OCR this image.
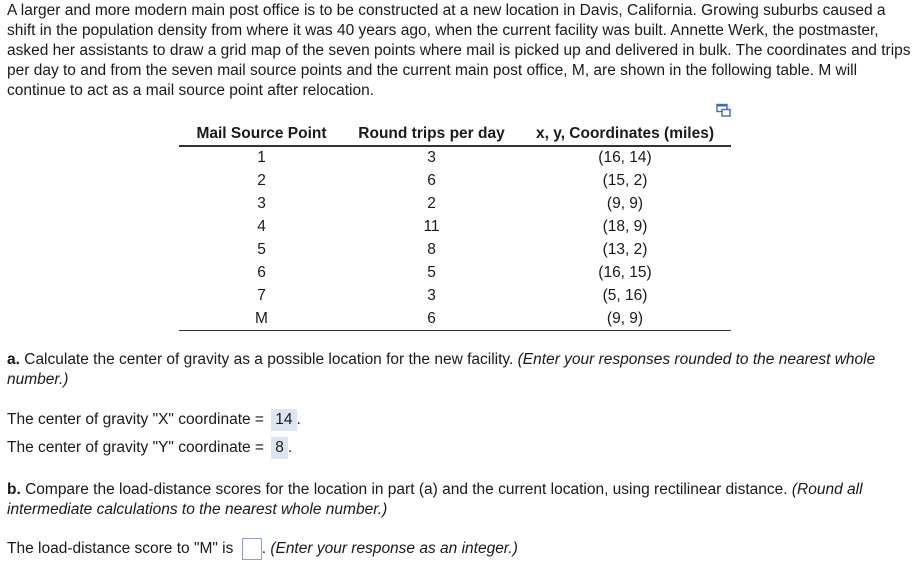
A larger and more modern main post office is to be constructed at a new location in Davis, California. Growing suburbs caused a shift in the population density from where it was 40 years ago, when the current facility was built. Annette Werk, the postmaster, asked her assistants to draw a grid map of the seven points where mail is picked up and delivered in bulk. The coordinates and trips per day to and from the seven mail source points and the current main post office, M, are shown in the following table. M will continue to act as a mail source point after relocation.

Mail Source Point	Round trips per day	x, y, Coordinates (miles)
1	3	(16, 14)
2	6	(15, 2)
3	2	(9, 9)
4	11	(18, 9)
5	8	(13, 2)
6	5	(16, 15)
7	3	(5, 16)
M	6	(9, 9)

a. Calculate the center of gravity as a possible location for the new facility. (Enter your responses rounded to the nearest whole number.)

The center of gravity "X" coordinate = 14 .
The center of gravity "Y" coordinate = 8 .

b. Compare the load-distance scores for the location in part (a) and the current location, using rectilinear distance. (Round all intermediate calculations to the nearest whole number.)

The load-distance score to "M" is . (Enter your response as an integer.)
